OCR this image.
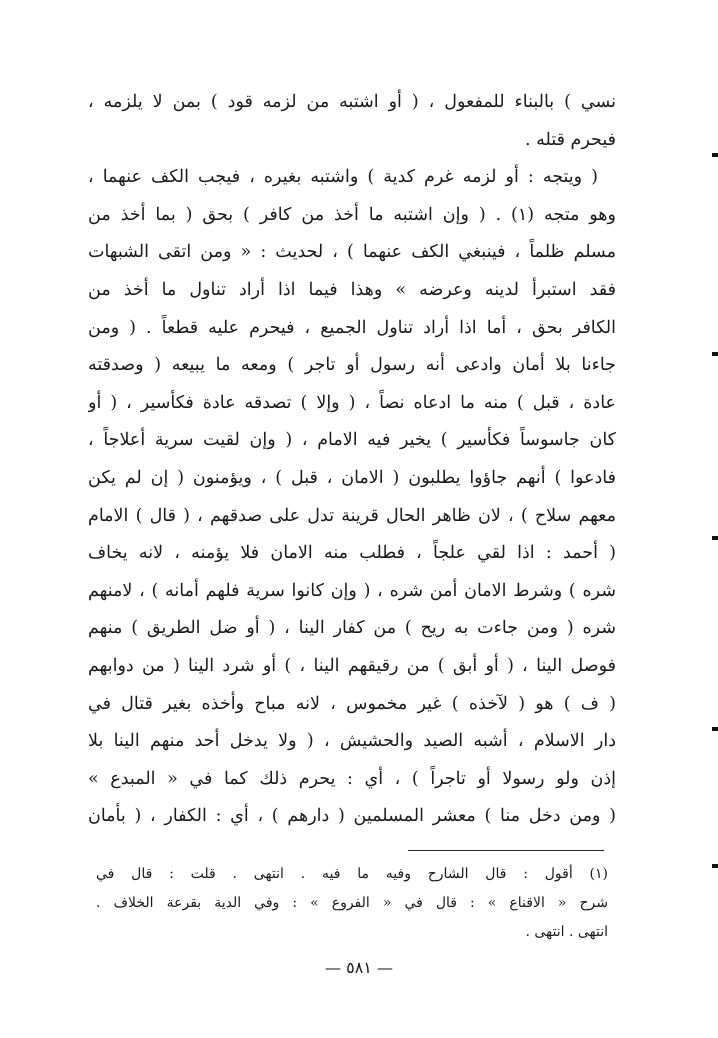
نسي ) بالبناء للمفعول ، ( أو اشتبه من لزمه قود ) بمن لا يلزمه ،
فيحرم قتله .
( ويتجه : أو لزمه غرم كدية ) واشتبه بغيره ، فيجب الكف عنهما ،
وهو متجه (١) . ( وإن اشتبه ما أخذ من كافر ) بحق ( بما أخذ من
مسلم ظلماً ، فينبغي الكف عنهما ) ، لحديث : « ومن اتقى الشبهات
فقد استبرأ لدينه وعرضه » وهذا فيما اذا أراد تناول ما أخذ من
الكافر بحق ، أما اذا أراد تناول الجميع ، فيحرم عليه قطعاً . ( ومن
جاءنا بلا أمان وادعى أنه رسول أو تاجر ) ومعه ما يبيعه ( وصدقته
عادة ، قبل ) منه ما ادعاه نصاً ، ( وإلا ) تصدقه عادة فكأسير ، ( أو
كان جاسوساً فكأسير ) يخير فيه الامام ، ( وإن لقيت سرية أعلاجاً ،
فادعوا ) أنهم جاؤوا يطلبون ( الامان ، قبل ) ، ويؤمنون ( إن لم يكن
معهم سلاح ) ، لان ظاهر الحال قرينة تدل على صدقهم ، ( قال ) الامام
( أحمد : اذا لقي علجاً ، فطلب منه الامان فلا يؤمنه ، لانه يخاف
شره ) وشرط الامان أمن شره ، ( وإن كانوا سرية فلهم أمانه ) ، لامنهم
شره ( ومن جاءت به ريح ) من كفار الينا ، ( أو ضل الطريق ) منهم
فوصل الينا ، ( أو أبق ) من رقيقهم الينا ، ) أو شرد الينا ( من دوابهم
( ف ) هو ( لآخذه ) غير مخموس ، لانه مباح وأخذه بغير قتال في
دار الاسلام ، أشبه الصيد والحشيش ، ( ولا يدخل أحد منهم الينا بلا
إذن ولو رسولا أو تاجراً ) ، أي : يحرم ذلك كما في « المبدع »
( ومن دخل منا ) معشر المسلمين ( دارهم ) ، أي : الكفار ، ( بأمان
(١) أقول : قال الشارح وفيه ما فيه . انتهى . قلت : قال في
شرح « الاقناع » : قال في « الفروع » : وفي الدية بقرعة الخلاف .
انتهى . انتهى .
— ٥٨١ —
